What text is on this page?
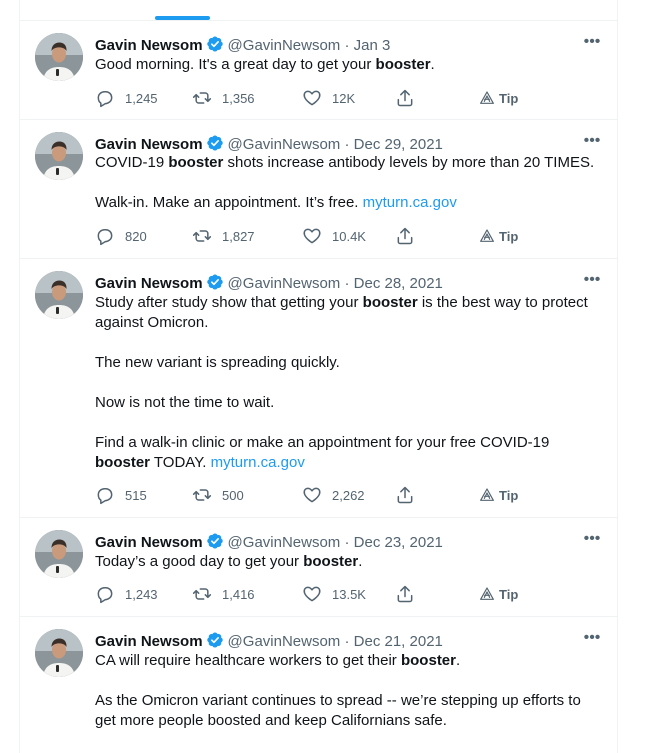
Gavin Newsom @GavinNewsom · Jan 3	•••
Good morning. It's a great day to get your booster.
1,245	1,356	12K	Tip
Gavin Newsom @GavinNewsom · Dec 29, 2021	•••
COVID-19 booster shots increase antibody levels by more than 20 TIMES.

Walk-in. Make an appointment. It’s free. myturn.ca.gov
820	1,827	10.4K	Tip
Gavin Newsom @GavinNewsom · Dec 28, 2021	•••
Study after study show that getting your booster is the best way to protect
against Omicron.

The new variant is spreading quickly.

Now is not the time to wait.

Find a walk-in clinic or make an appointment for your free COVID-19
booster TODAY. myturn.ca.gov
515	500	2,262	Tip
Gavin Newsom @GavinNewsom · Dec 23, 2021	•••
Today’s a good day to get your booster.
1,243	1,416	13.5K	Tip
Gavin Newsom @GavinNewsom · Dec 21, 2021	•••
CA will require healthcare workers to get their booster.

As the Omicron variant continues to spread -- we’re stepping up efforts to
get more people boosted and keep Californians safe.
